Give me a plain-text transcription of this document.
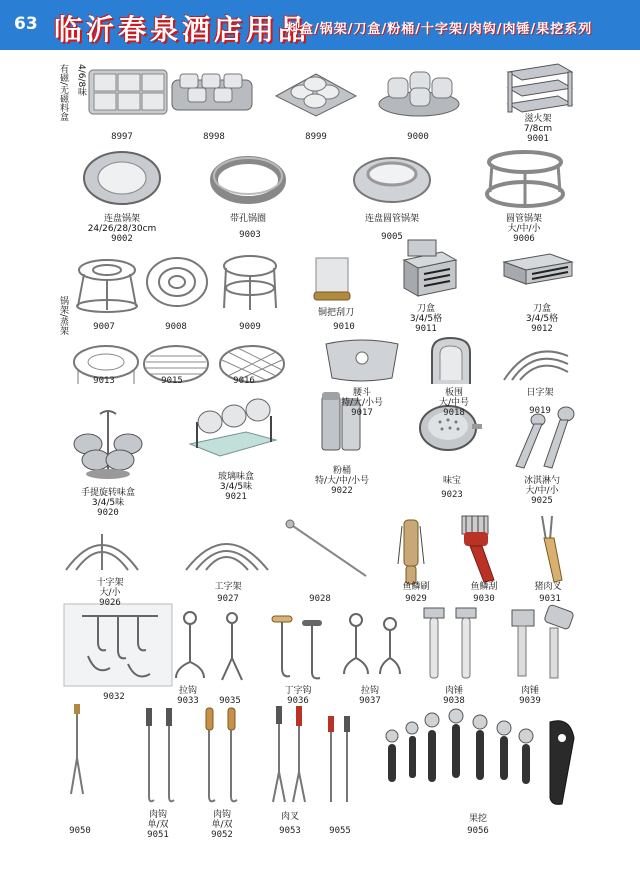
63 临沂春泉酒店用品
料盒/锅架/刀盒/粉桶/十字架/肉钩/肉锤/果挖系列
4/6/8味
有磁/无磁料盒
锅架/蒸架
8997	8998	8999	9000
滋火架
7/8cm
9001
连盘锅架
24/26/28/30cm
9002
带孔锅圈
9003
连盘圆管锅架
9005
圆管锅架
大/中/小
9006
9007	9008	9009
铜把刮刀
9010
刀盒
3/4/5格
9011
刀盒
3/4/5格
9012
9013	9015	9016
腰斗
特/大/小号
9017
板围
大/中号
9018
日字架
9019
手提旋转味盒
3/4/5味
9020
玻璃味盒
3/4/5味
9021
粉桶
特/大/中/小号
9022
味宝
9023
冰淇淋勺
大/中/小
9025
十字架
大/小
9026
工字架
9027	9028
鱼鳞刷
9029
鱼鳞刮
9030
猪肉叉
9031
9032
拉钩
9033 9035
丁字钩
9036
拉钩
9037
肉锤
9038
肉锤
9039
9050
肉钩
单/双
9051
肉钩
单/双
9052
肉叉
9053	9055
果挖
9056
